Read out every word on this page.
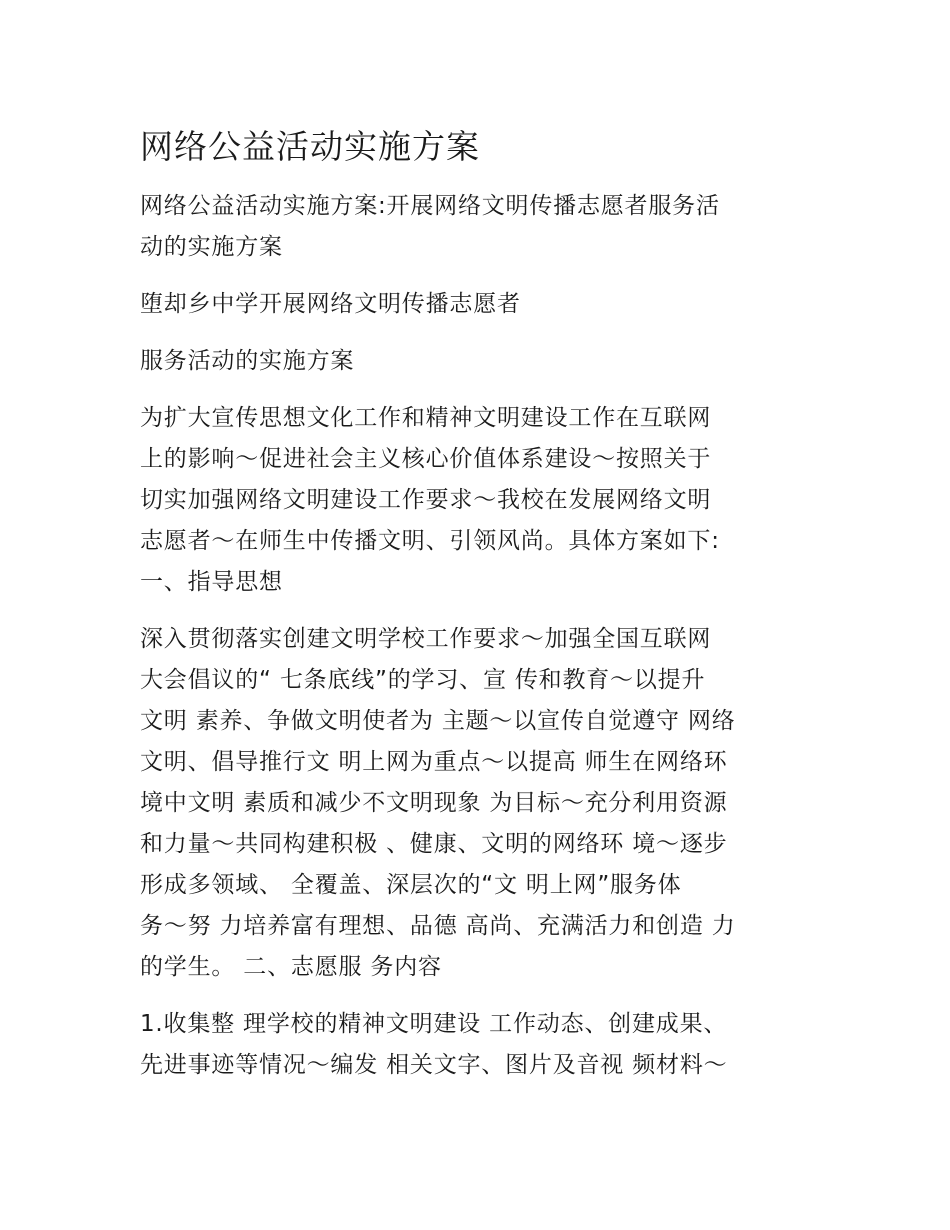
网络公益活动实施方案

网络公益活动实施方案:开展网络文明传播志愿者服务活
动的实施方案

堕却乡中学开展网络文明传播志愿者

服务活动的实施方案

为扩大宣传思想文化工作和精神文明建设工作在互联网
上的影响～促进社会主义核心价值体系建设～按照关于
切实加强网络文明建设工作要求～我校在发展网络文明
志愿者～在师生中传播文明、引领风尚。具体方案如下:
一、指导思想

深入贯彻落实创建文明学校工作要求～加强全国互联网
大会倡议的“ 七条底线”的学习、宣 传和教育～以提升
文明 素养、争做文明使者为 主题～以宣传自觉遵守 网络
文明、倡导推行文 明上网为重点～以提高 师生在网络环
境中文明 素质和减少不文明现象 为目标～充分利用资源
和力量～共同构建积极 、健康、文明的网络环 境～逐步
形成多领域、 全覆盖、深层次的“文 明上网”服务体
务～努 力培养富有理想、品德 高尚、充满活力和创造 力
的学生。 二、志愿服 务内容

1.收集整 理学校的精神文明建设 工作动态、创建成果、
先进事迹等情况～编发 相关文字、图片及音视 频材料～
